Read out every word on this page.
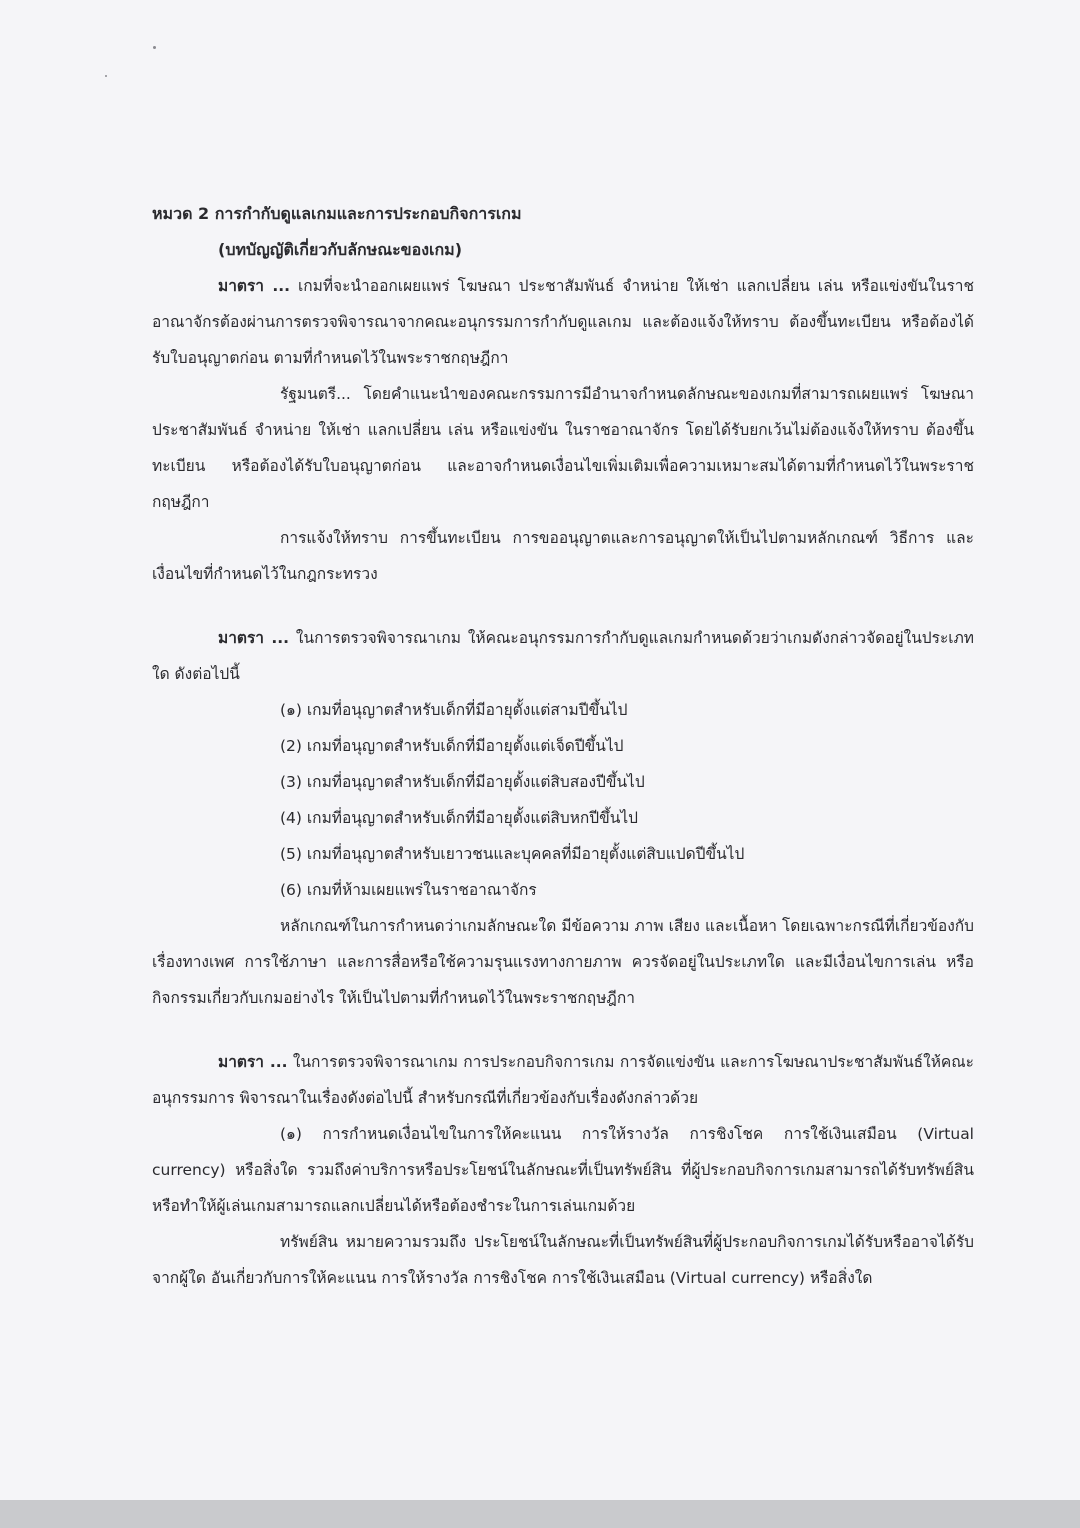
หมวด 2 การกำกับดูแลเกมและการประกอบกิจการเกม

(บทบัญญัติเกี่ยวกับลักษณะของเกม)

มาตรา ... เกมที่จะนำออกเผยแพร่ โฆษณา ประชาสัมพันธ์ จำหน่าย ให้เช่า แลกเปลี่ยน เล่น หรือแข่งขันในราชอาณาจักรต้องผ่านการตรวจพิจารณาจากคณะอนุกรรมการกำกับดูแลเกม และต้องแจ้งให้ทราบ ต้องขึ้นทะเบียน หรือต้องได้รับใบอนุญาตก่อน ตามที่กำหนดไว้ในพระราชกฤษฎีกา

รัฐมนตรี... โดยคำแนะนำของคณะกรรมการมีอำนาจกำหนดลักษณะของเกมที่สามารถเผยแพร่ โฆษณา ประชาสัมพันธ์ จำหน่าย ให้เช่า แลกเปลี่ยน เล่น หรือแข่งขัน ในราชอาณาจักร โดยได้รับยกเว้นไม่ต้องแจ้งให้ทราบ ต้องขึ้นทะเบียน หรือต้องได้รับใบอนุญาตก่อน และอาจกำหนดเงื่อนไขเพิ่มเติมเพื่อความเหมาะสมได้ตามที่กำหนดไว้ในพระราชกฤษฎีกา

การแจ้งให้ทราบ การขึ้นทะเบียน การขออนุญาตและการอนุญาตให้เป็นไปตามหลักเกณฑ์ วิธีการ และเงื่อนไขที่กำหนดไว้ในกฎกระทรวง

มาตรา ... ในการตรวจพิจารณาเกม ให้คณะอนุกรรมการกำกับดูแลเกมกำหนดด้วยว่าเกมดังกล่าวจัดอยู่ในประเภทใด ดังต่อไปนี้

(๑) เกมที่อนุญาตสำหรับเด็กที่มีอายุตั้งแต่สามปีขึ้นไป
(2) เกมที่อนุญาตสำหรับเด็กที่มีอายุตั้งแต่เจ็ดปีขึ้นไป
(3) เกมที่อนุญาตสำหรับเด็กที่มีอายุตั้งแต่สิบสองปีขึ้นไป
(4) เกมที่อนุญาตสำหรับเด็กที่มีอายุตั้งแต่สิบหกปีขึ้นไป
(5) เกมที่อนุญาตสำหรับเยาวชนและบุคคลที่มีอายุตั้งแต่สิบแปดปีขึ้นไป
(6) เกมที่ห้ามเผยแพร่ในราชอาณาจักร

หลักเกณฑ์ในการกำหนดว่าเกมลักษณะใด มีข้อความ ภาพ เสียง และเนื้อหา โดยเฉพาะกรณีที่เกี่ยวข้องกับเรื่องทางเพศ การใช้ภาษา และการสื่อหรือใช้ความรุนแรงทางกายภาพ ควรจัดอยู่ในประเภทใด และมีเงื่อนไขการเล่น หรือกิจกรรมเกี่ยวกับเกมอย่างไร ให้เป็นไปตามที่กำหนดไว้ในพระราชกฤษฎีกา

มาตรา ... ในการตรวจพิจารณาเกม การประกอบกิจการเกม การจัดแข่งขัน และการโฆษณาประชาสัมพันธ์ให้คณะอนุกรรมการ พิจารณาในเรื่องดังต่อไปนี้ สำหรับกรณีที่เกี่ยวข้องกับเรื่องดังกล่าวด้วย

(๑) การกำหนดเงื่อนไขในการให้คะแนน การให้รางวัล การชิงโชค การใช้เงินเสมือน (Virtual currency) หรือสิ่งใด รวมถึงค่าบริการหรือประโยชน์ในลักษณะที่เป็นทรัพย์สิน ที่ผู้ประกอบกิจการเกมสามารถได้รับทรัพย์สิน หรือทำให้ผู้เล่นเกมสามารถแลกเปลี่ยนได้หรือต้องชำระในการเล่นเกมด้วย

ทรัพย์สิน หมายความรวมถึง ประโยชน์ในลักษณะที่เป็นทรัพย์สินที่ผู้ประกอบกิจการเกมได้รับหรืออาจได้รับจากผู้ใด อันเกี่ยวกับการให้คะแนน การให้รางวัล การชิงโชค การใช้เงินเสมือน (Virtual currency) หรือสิ่งใด
